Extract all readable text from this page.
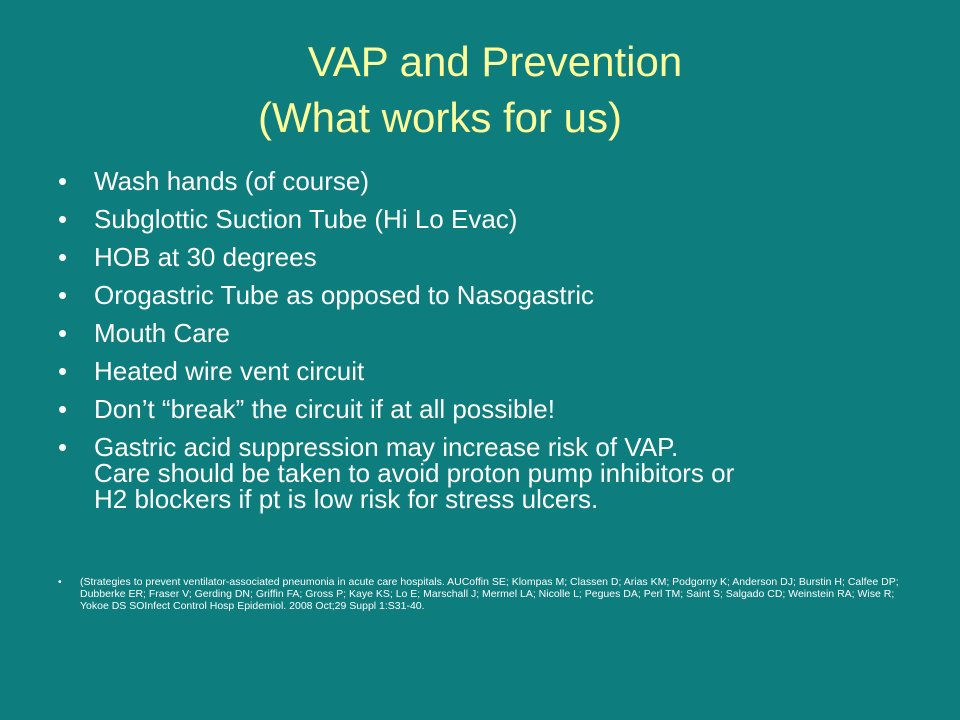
VAP and Prevention
(What works for us)
• Wash hands (of course)
• Subglottic Suction Tube (Hi Lo Evac)
• HOB at 30 degrees
• Orogastric Tube as opposed to Nasogastric
• Mouth Care
• Heated wire vent circuit
• Don’t “break” the circuit if at all possible!
• Gastric acid suppression may increase risk of VAP.
Care should be taken to avoid proton pump inhibitors or
H2 blockers if pt is low risk for stress ulcers.
• (Strategies to prevent ventilator-associated pneumonia in acute care hospitals. AUCoffin SE; Klompas M; Classen D; Arias KM; Podgorny K; Anderson DJ; Burstin H; Calfee DP; Dubberke ER; Fraser V; Gerding DN; Griffin FA; Gross P; Kaye KS; Lo E; Marschall J; Mermel LA; Nicolle L; Pegues DA; Perl TM; Saint S; Salgado CD; Weinstein RA; Wise R; Yokoe DS SOInfect Control Hosp Epidemiol. 2008 Oct;29 Suppl 1:S31-40.
